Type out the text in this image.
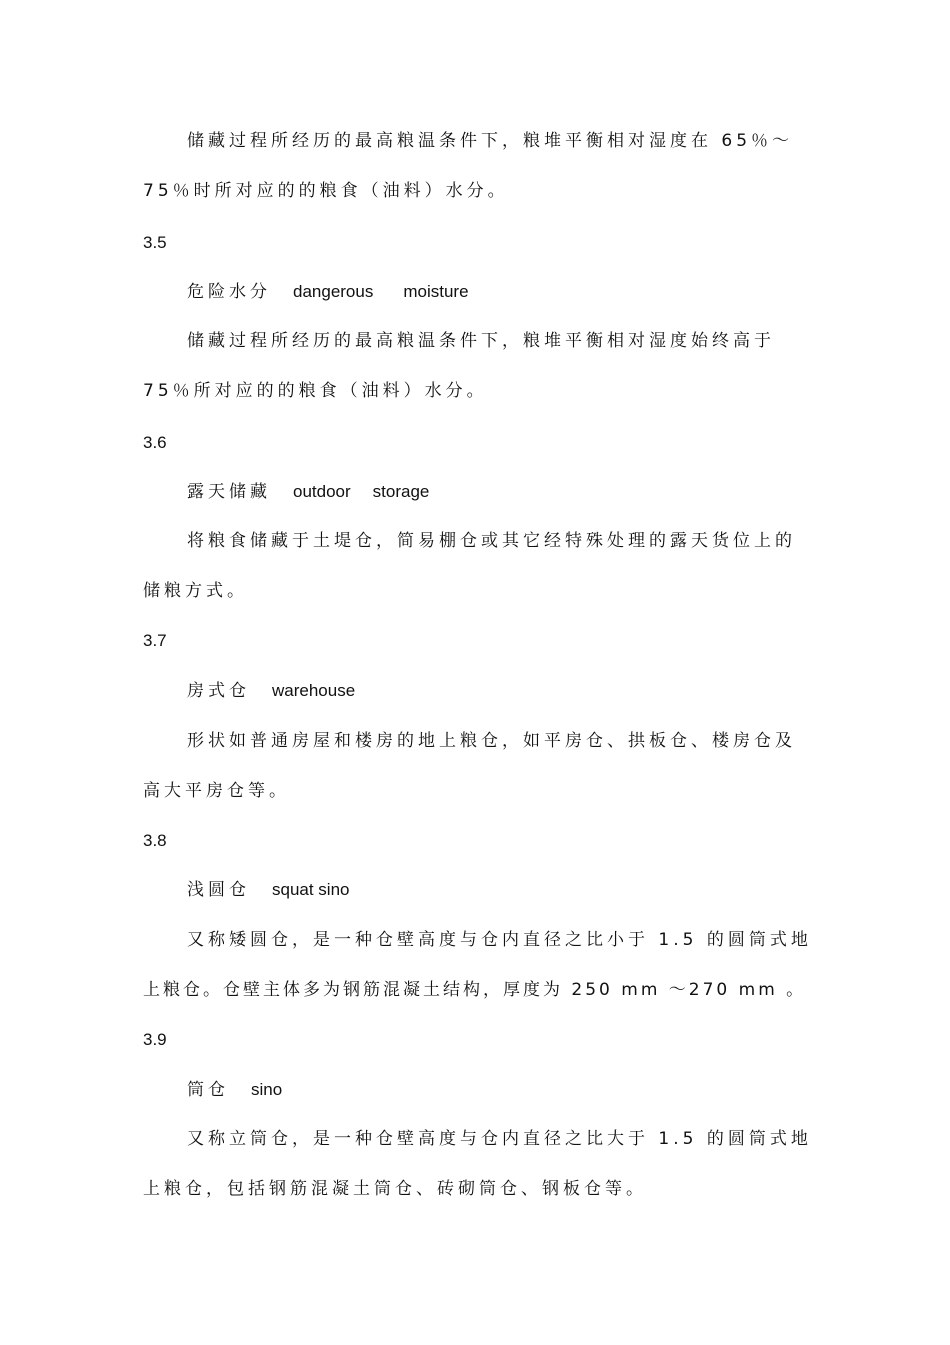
储藏过程所经历的最高粮温条件下，粮堆平衡相对湿度在 65％～
75％时所对应的的粮食（油料）水分。
3.5
危险水分 dangerous moisture
储藏过程所经历的最高粮温条件下，粮堆平衡相对湿度始终高于
75％所对应的的粮食（油料）水分。
3.6
露天储藏 outdoor storage
将粮食储藏于土堤仓，简易棚仓或其它经特殊处理的露天货位上的
储粮方式。
3.7
房式仓 warehouse
形状如普通房屋和楼房的地上粮仓，如平房仓、拱板仓、楼房仓及
高大平房仓等。
3.8
浅圆仓 squat sino
又称矮圆仓，是一种仓壁高度与仓内直径之比小于 1.5 的圆筒式地
上粮仓。仓壁主体多为钢筋混凝土结构，厚度为 250 mm ～270 mm 。
3.9
筒仓 sino
又称立筒仓，是一种仓壁高度与仓内直径之比大于 1.5 的圆筒式地
上粮仓，包括钢筋混凝土筒仓、砖砌筒仓、钢板仓等。
